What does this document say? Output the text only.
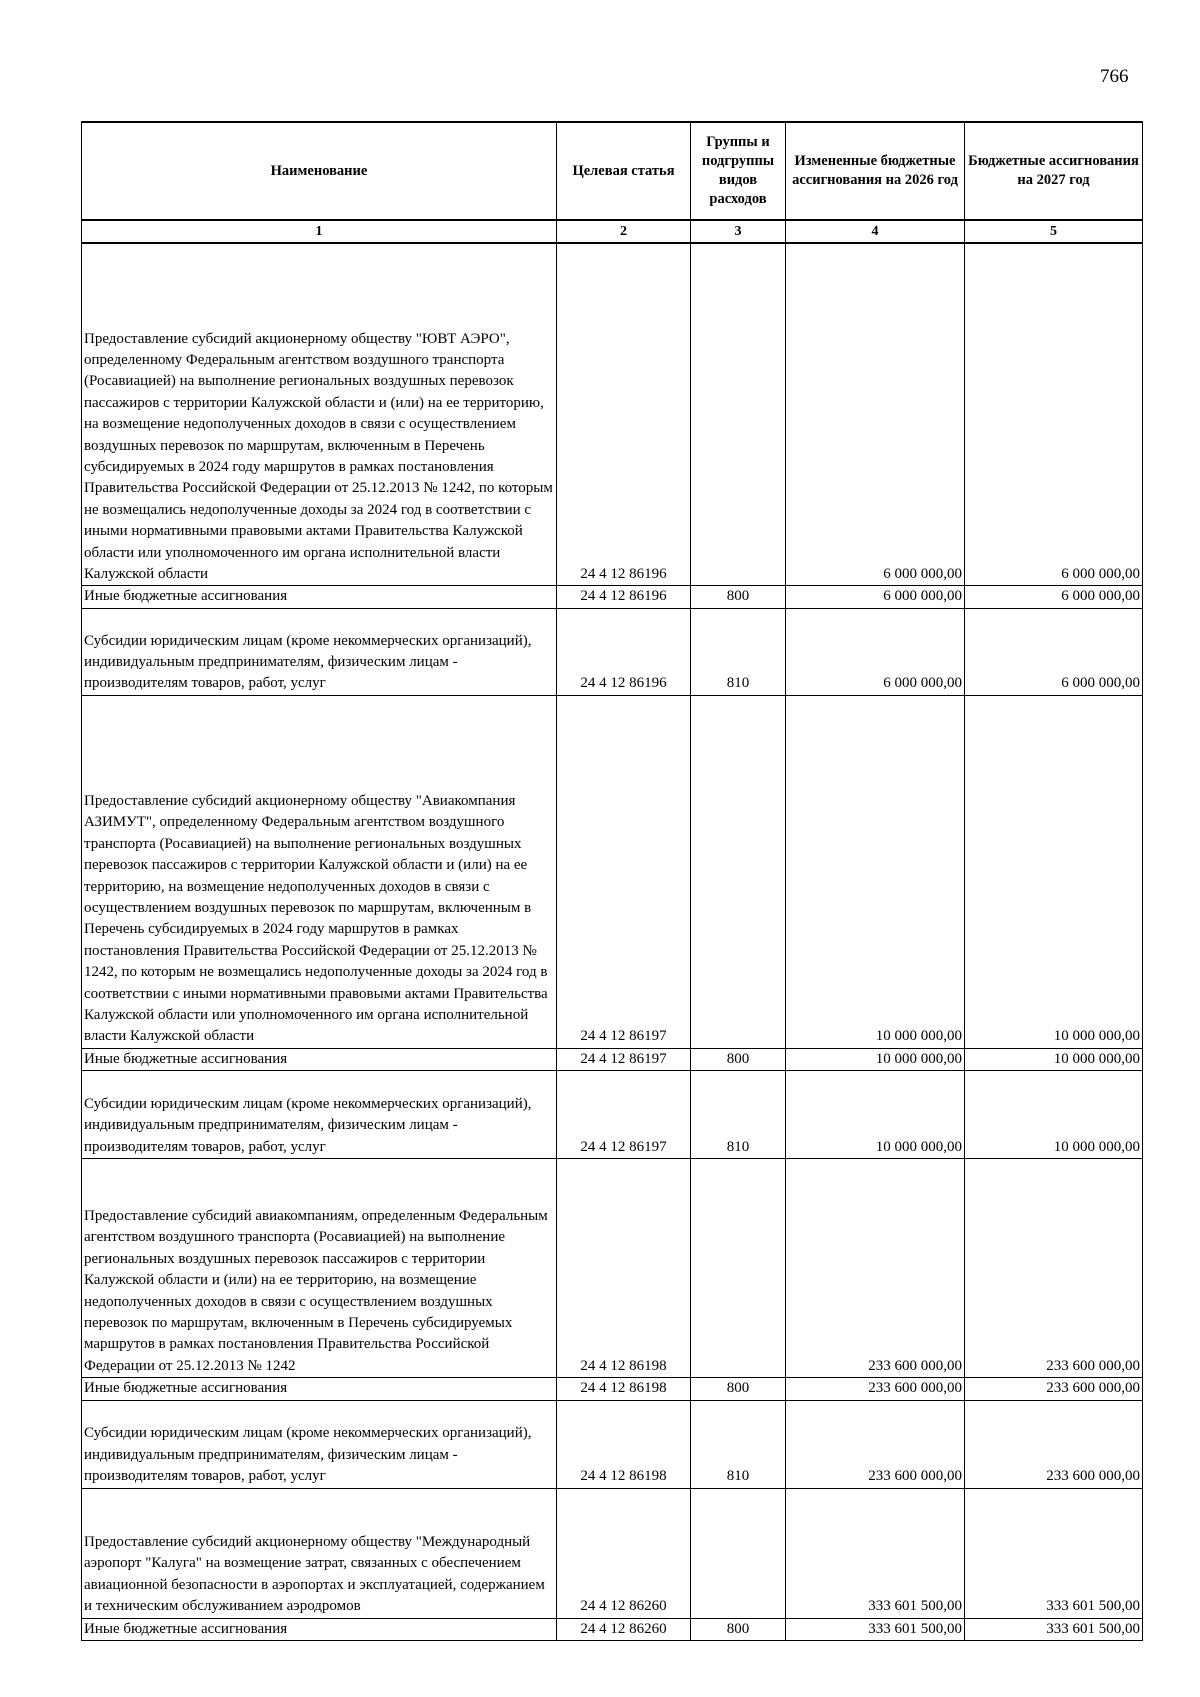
766
Наименование	Целевая статья	Группы и подгруппы видов расходов	Измененные бюджетные ассигнования на 2026 год	Бюджетные ассигнования на 2027 год
1	2	3	4	5
Предоставление субсидий акционерному обществу "ЮВТ АЭРО", определенному Федеральным агентством воздушного транспорта (Росавиацией) на выполнение региональных воздушных перевозок пассажиров с территории Калужской области и (или) на ее территорию, на возмещение недополученных доходов в связи с осуществлением воздушных перевозок по маршрутам, включенным в Перечень субсидируемых в 2024 году маршрутов в рамках постановления Правительства Российской Федерации от 25.12.2013 № 1242, по которым не возмещались недополученные доходы за 2024 год в соответствии с иными нормативными правовыми актами Правительства Калужской области или уполномоченного им органа исполнительной власти Калужской области	24 4 12 86196		6 000 000,00	6 000 000,00
Иные бюджетные ассигнования	24 4 12 86196	800	6 000 000,00	6 000 000,00
Субсидии юридическим лицам (кроме некоммерческих организаций), индивидуальным предпринимателям, физическим лицам - производителям товаров, работ, услуг	24 4 12 86196	810	6 000 000,00	6 000 000,00
Предоставление субсидий акционерному обществу "Авиакомпания АЗИМУТ", определенному Федеральным агентством воздушного транспорта (Росавиацией) на выполнение региональных воздушных перевозок пассажиров с территории Калужской области и (или) на ее территорию, на возмещение недополученных доходов в связи с осуществлением воздушных перевозок по маршрутам, включенным в Перечень субсидируемых в 2024 году маршрутов в рамках постановления Правительства Российской Федерации от 25.12.2013 № 1242, по которым не возмещались недополученные доходы за 2024 год в соответствии с иными нормативными правовыми актами Правительства Калужской области или уполномоченного им органа исполнительной власти Калужской области	24 4 12 86197		10 000 000,00	10 000 000,00
Иные бюджетные ассигнования	24 4 12 86197	800	10 000 000,00	10 000 000,00
Субсидии юридическим лицам (кроме некоммерческих организаций), индивидуальным предпринимателям, физическим лицам - производителям товаров, работ, услуг	24 4 12 86197	810	10 000 000,00	10 000 000,00
Предоставление субсидий авиакомпаниям, определенным Федеральным агентством воздушного транспорта (Росавиацией) на выполнение региональных воздушных перевозок пассажиров с территории Калужской области и (или) на ее территорию, на возмещение недополученных доходов в связи с осуществлением воздушных перевозок по маршрутам, включенным в Перечень субсидируемых маршрутов в рамках постановления Правительства Российской Федерации от 25.12.2013 № 1242	24 4 12 86198		233 600 000,00	233 600 000,00
Иные бюджетные ассигнования	24 4 12 86198	800	233 600 000,00	233 600 000,00
Субсидии юридическим лицам (кроме некоммерческих организаций), индивидуальным предпринимателям, физическим лицам - производителям товаров, работ, услуг	24 4 12 86198	810	233 600 000,00	233 600 000,00
Предоставление субсидий акционерному обществу "Международный аэропорт "Калуга" на возмещение затрат, связанных с обеспечением авиационной безопасности в аэропортах и эксплуатацией, содержанием и техническим обслуживанием аэродромов	24 4 12 86260		333 601 500,00	333 601 500,00
Иные бюджетные ассигнования	24 4 12 86260	800	333 601 500,00	333 601 500,00
